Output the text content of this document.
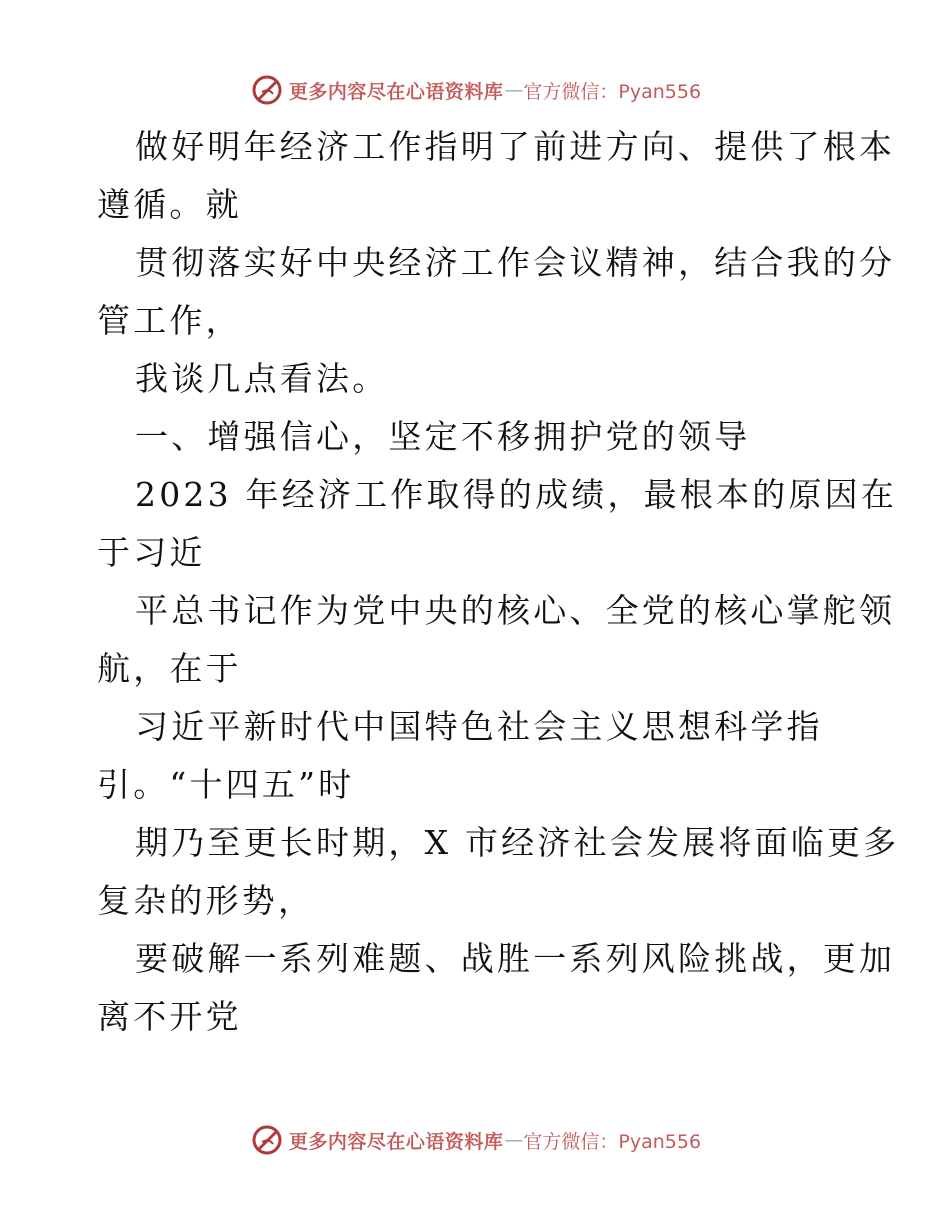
更多内容尽在心语资料库 — 官方微信：Pyan556
做好明年经济工作指明了前进方向、提供了根本
遵循。就
贯彻落实好中央经济工作会议精神，结合我的分
管工作，
我谈几点看法。
一、增强信心，坚定不移拥护党的领导
2023 年经济工作取得的成绩，最根本的原因在
于习近
平总书记作为党中央的核心、全党的核心掌舵领
航，在于
习近平新时代中国特色社会主义思想科学指
引。“十四五”时
期乃至更长时期，X 市经济社会发展将面临更多
复杂的形势，
要破解一系列难题、战胜一系列风险挑战，更加
离不开党
更多内容尽在心语资料库 — 官方微信：Pyan556
